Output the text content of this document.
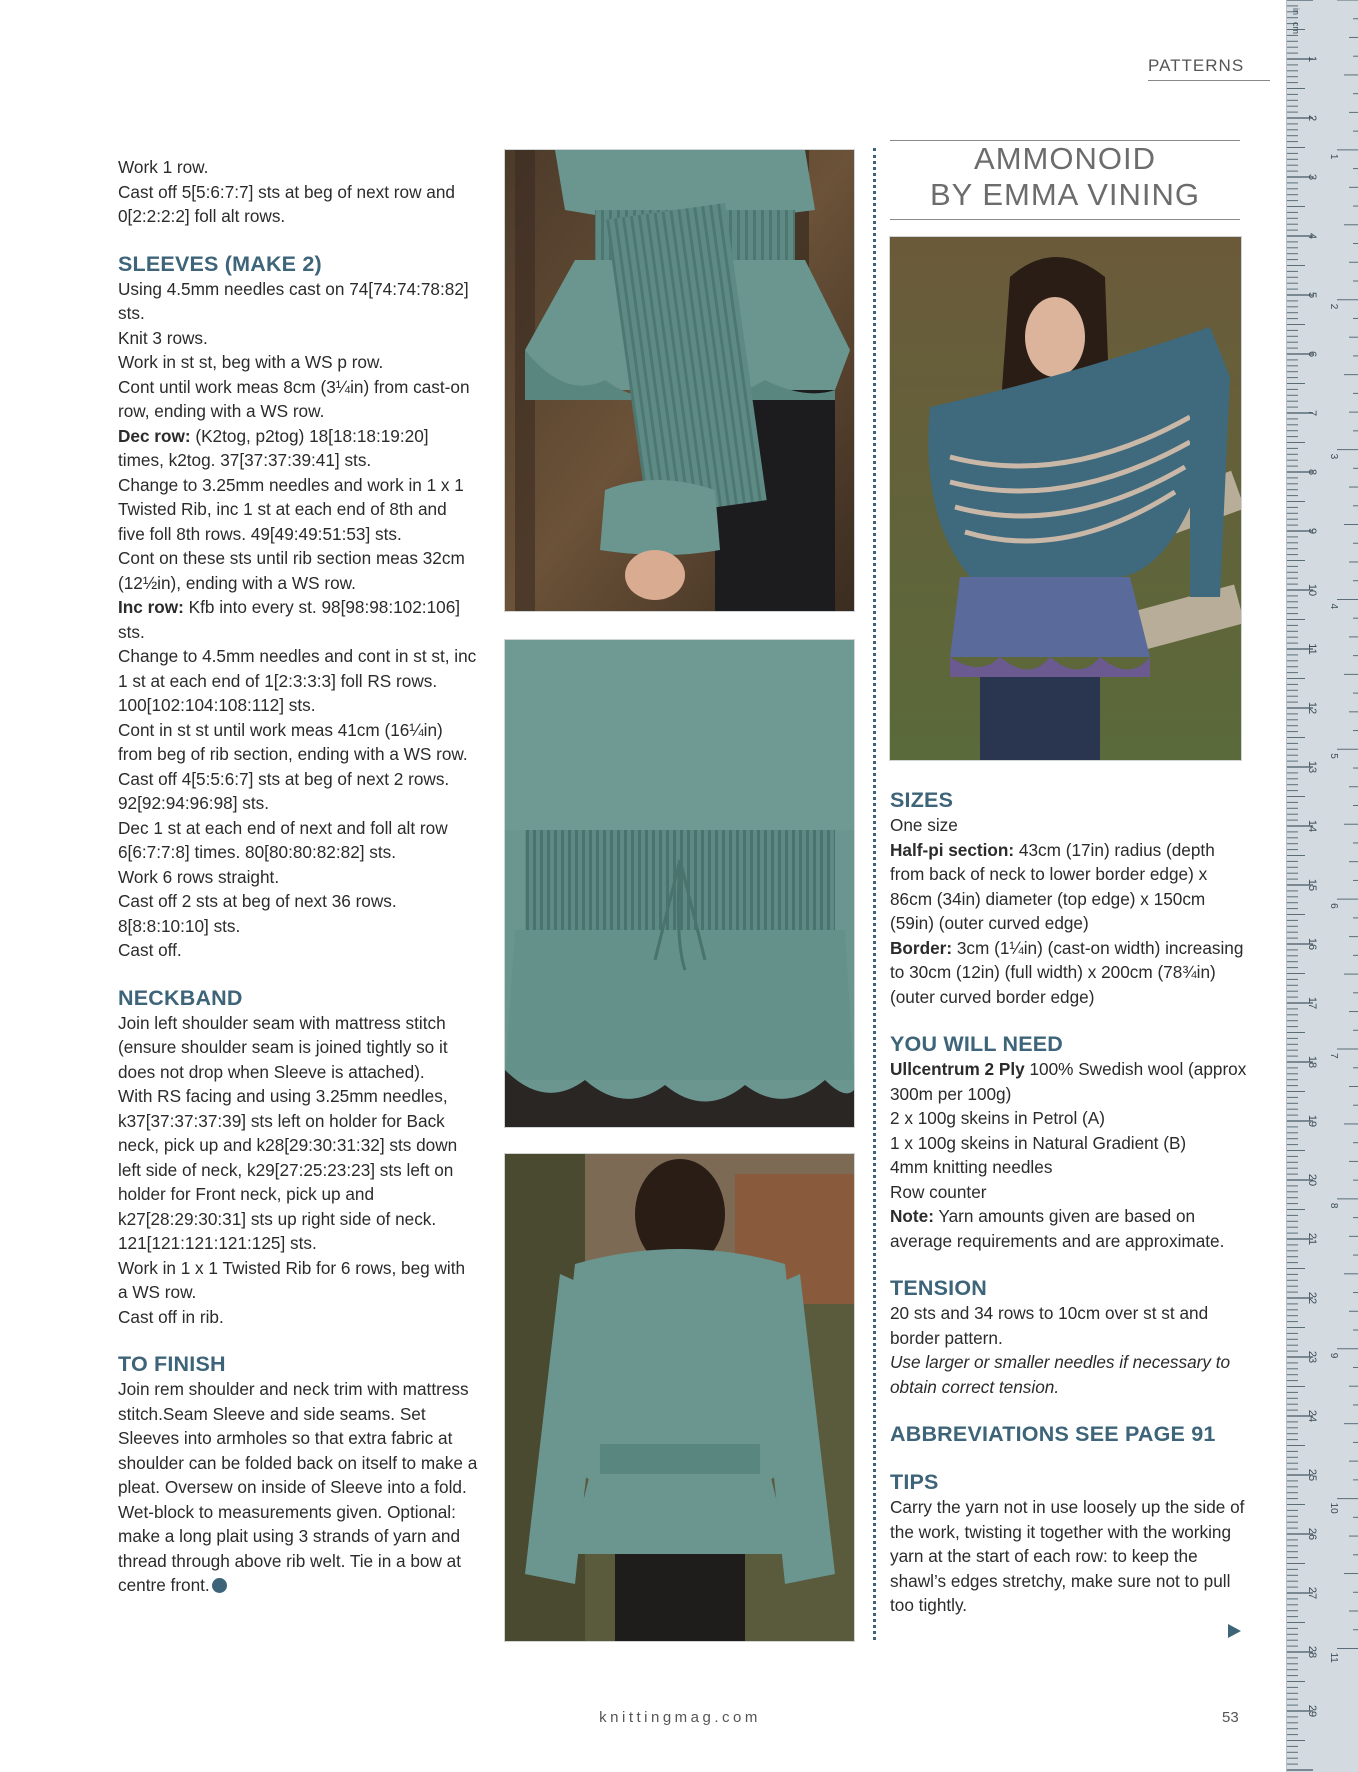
PATTERNS

Work 1 row.

Cast off 5[5:6:7:7] sts at beg of next row and 0[2:2:2:2] foll alt rows.

SLEEVES (MAKE 2)

Using 4.5mm needles cast on 74[74:74:78:82] sts.

Knit 3 rows.

Work in st st, beg with a WS p row.

Cont until work meas 8cm (3¼in) from cast-on row, ending with a WS row.

Dec row: (K2tog, p2tog) 18[18:18:19:20] times, k2tog. 37[37:37:39:41] sts.

Change to 3.25mm needles and work in 1 x 1 Twisted Rib, inc 1 st at each end of 8th and five foll 8th rows. 49[49:49:51:53] sts.

Cont on these sts until rib section meas 32cm (12½in), ending with a WS row.

Inc row: Kfb into every st. 98[98:98:102:106] sts.

Change to 4.5mm needles and cont in st st, inc 1 st at each end of 1[2:3:3:3] foll RS rows. 100[102:104:108:112] sts.

Cont in st st until work meas 41cm (16¼in) from beg of rib section, ending with a WS row.

Cast off 4[5:5:6:7] sts at beg of next 2 rows. 92[92:94:96:98] sts.

Dec 1 st at each end of next and foll alt row 6[6:7:7:8] times. 80[80:80:82:82] sts.

Work 6 rows straight.

Cast off 2 sts at beg of next 36 rows. 8[8:8:10:10] sts.

Cast off.

NECKBAND

Join left shoulder seam with mattress stitch (ensure shoulder seam is joined tightly so it does not drop when Sleeve is attached).

With RS facing and using 3.25mm needles, k37[37:37:37:39] sts left on holder for Back neck, pick up and k28[29:30:31:32] sts down left side of neck, k29[27:25:23:23] sts left on holder for Front neck, pick up and k27[28:29:30:31] sts up right side of neck. 121[121:121:121:125] sts.

Work in 1 x 1 Twisted Rib for 6 rows, beg with a WS row.

Cast off in rib.

TO FINISH

Join rem shoulder and neck trim with mattress stitch.Seam Sleeve and side seams. Set Sleeves into armholes so that extra fabric at shoulder can be folded back on itself to make a pleat. Oversew on inside of Sleeve into a fold. Wet-block to measurements given. Optional: make a long plait using 3 strands of yarn and thread through above rib welt. Tie in a bow at centre front.

AMMONOID
BY EMMA VINING
SIZES

One size

Half-pi section: 43cm (17in) radius (depth from back of neck to lower border edge) x 86cm (34in) diameter (top edge) x 150cm (59in) (outer curved edge)

Border: 3cm (1¼in) (cast-on width) increasing to 30cm (12in) (full width) x 200cm (78¾in) (outer curved border edge)

YOU WILL NEED

Ullcentrum 2 Ply 100% Swedish wool (approx 300m per 100g)

2 x 100g skeins in Petrol (A)

1 x 100g skeins in Natural Gradient (B)

4mm knitting needles

Row counter

Note: Yarn amounts given are based on average requirements and are approximate.

TENSION

20 sts and 34 rows to 10cm over st st and border pattern.

Use larger or smaller needles if necessary to obtain correct tension.

ABBREVIATIONS SEE PAGE 91
TIPS

Carry the yarn not in use loosely up the side of the work, twisting it together with the working yarn at the start of each row: to keep the shawl’s edges stretchy, make sure not to pull too tightly.

knittingmag.com	53
1
2
3
4
5
6
7
8
9
10
11
12
13
14
15
16
17
18
19
20
21
22
23
24
25
26
27
28
29
1
2
3
4
5
6
7
8
9
10
11
in
cm
